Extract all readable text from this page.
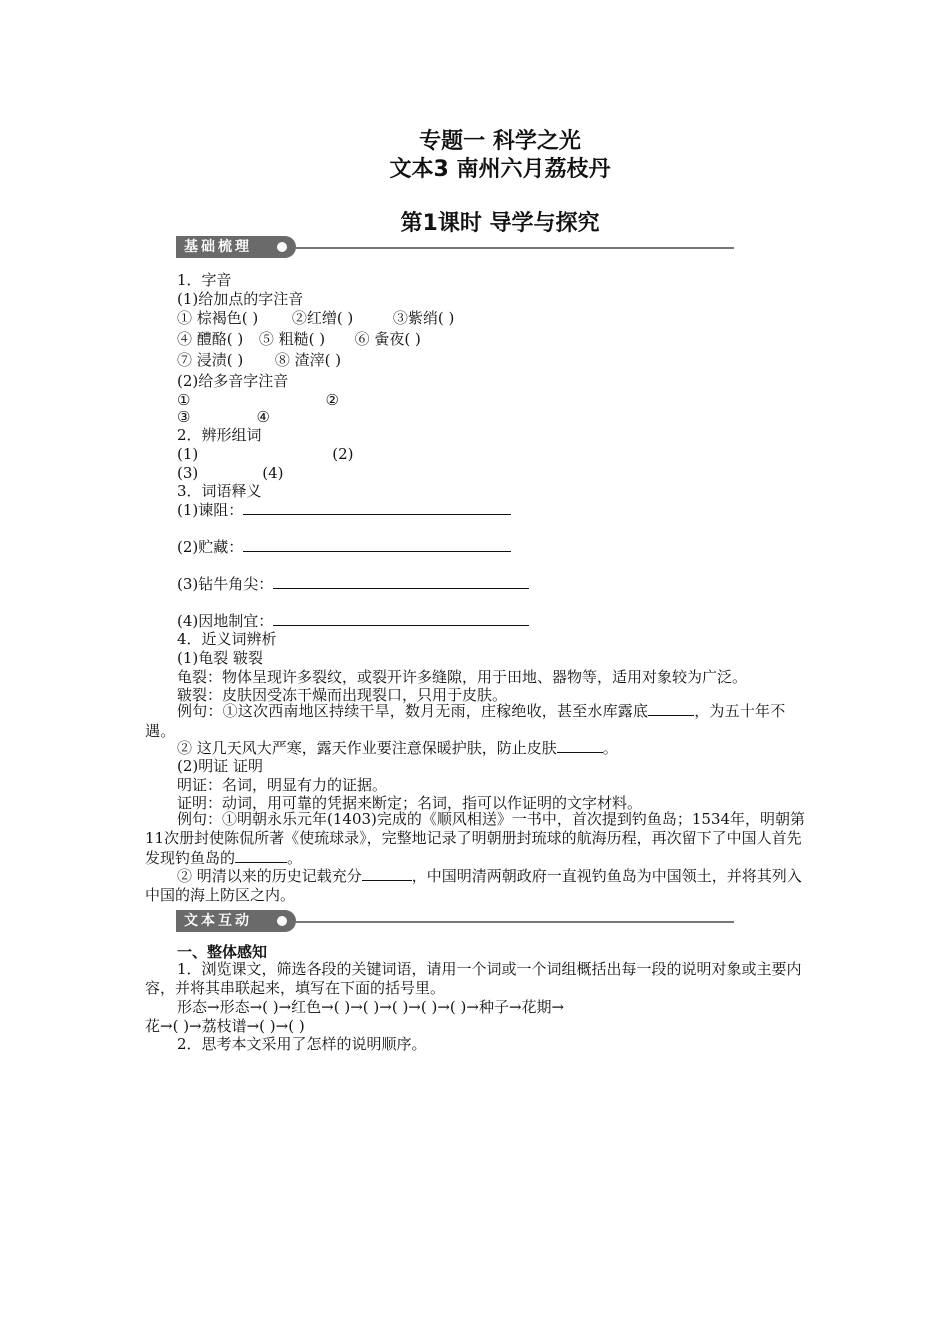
专题一 科学之光
文本3 南州六月荔枝丹
第1课时 导学与探究
基础梳理
1．字音
(1)给加点的字注音
① 棕褐色( ) ②红缯( )	③紫绡( )
④ 醴酪( ) ⑤ 粗糙( ) ⑥ 夤夜( )
⑦ 浸渍( ) ⑧ 渣滓( )
(2)给多音字注音
①	②
③	④
2．辨形组词
(1)	(2)
(3)	(4)
3．词语释义
(1)谏阻：
(2)贮藏：
(3)钻牛角尖：
(4)因地制宜：
4．近义词辨析
(1)龟裂 皲裂
龟裂：物体呈现许多裂纹，或裂开许多缝隙，用于田地、器物等，适用对象较为广泛。
皲裂：皮肤因受冻干燥而出现裂口，只用于皮肤。
例句：①这次西南地区持续干旱，数月无雨，庄稼绝收，甚至水库露底	，为五十年不遇。
② 这几天风大严寒，露天作业要注意保暖护肤，防止皮肤	。
(2)明证 证明
明证：名词，明显有力的证据。
证明：动词，用可靠的凭据来断定；名词，指可以作证明的文字材料。
例句：①明朝永乐元年(1403)完成的《顺风相送》一书中，首次提到钓鱼岛；1534年，明朝第11次册封使陈侃所著《使琉球录》，完整地记录了明朝册封琉球的航海历程，再次留下了中国人首先发现钓鱼岛的	。
② 明清以来的历史记载充分	，中国明清两朝政府一直视钓鱼岛为中国领土，并将其列入中国的海上防区之内。
文本互动
一、整体感知
1．浏览课文，筛选各段的关键词语，请用一个词或一个词组概括出每一段的说明对象或主要内容，并将其串联起来，填写在下面的括号里。
形态→形态→( )→红色→( )→( )→( )→( )→( )→种子→花期→
花→( )→荔枝谱→( )→( )
2．思考本文采用了怎样的说明顺序。
